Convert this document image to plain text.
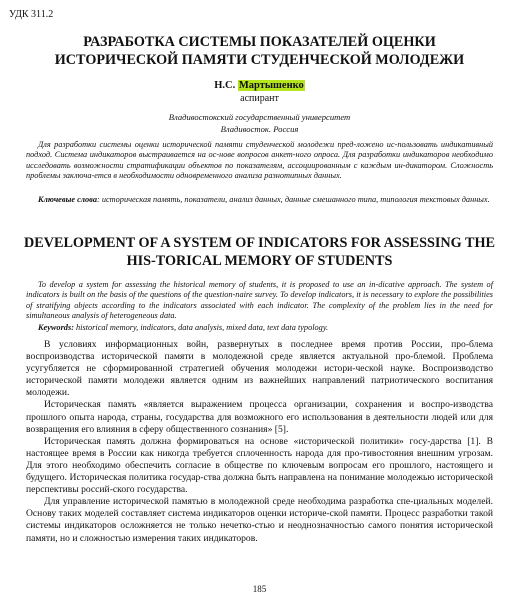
УДК 311.2
РАЗРАБОТКА СИСТЕМЫ ПОКАЗАТЕЛЕЙ ОЦЕНКИ ИСТОРИЧЕСКОЙ ПАМЯТИ СТУДЕНЧЕСКОЙ МОЛОДЕЖИ
Н.С. Мартышенко
аспирант
Владивостокский государственный университет
Владивосток. Россия
Для разработки системы оценки исторической памяти студенческой молодежи пред-ложено ис-пользовать индикативный подход. Система индикаторов выстраивается на ос-нове вопросов анкет-ного опроса. Для разработки индикаторов необходимо исследовать возможности стратификации объектов по показателям, ассоциированным с каждым ин-дикатором. Сложность проблемы заключа-ется в необходимости одновременного анализа разнотипных данных.
Ключевые слова: историческая память, показатели, анализ данных, данные смешанного типа, типология текстовых данных.
DEVELOPMENT OF A SYSTEM OF INDICATORS FOR ASSESSING THE HIS-TORICAL MEMORY OF STUDENTS
To develop a system for assessing the historical memory of students, it is proposed to use an in-dicative approach. The system of indicators is built on the basis of the questions of the question-naire survey. To develop indicators, it is necessary to explore the possibilities of stratifying objects according to the indicators associated with each indicator. The complexity of the problem lies in the need for simultaneous analysis of heterogeneous data.
Keywords: historical memory, indicators, data analysis, mixed data, text data typology.

В условиях информационных войн, развернутых в последнее время против России, про-блема воспроизводства исторической памяти в молодежной среде является актуальной про-блемой. Проблема усугубляется не сформированной стратегией обучения молодежи истори-ческой науке. Воспроизводство исторической памяти молодежи является одним из важнейших направлений патриотического воспитания молодежи.

Историческая память «является выражением процесса организации, сохранения и воспро-изводства прошлого опыта народа, страны, государства для возможного его использования в деятельности людей или для возвращения его влияния в сферу общественного сознания» [5].

Историческая память должна формироваться на основе «исторической политики» госу-дарства [1]. В настоящее время в России как никогда требуется сплоченность народа для про-тивостояния внешним угрозам. Для этого необходимо обеспечить согласие в обществе по ключевым вопросам его прошлого, настоящего и будущего. Историческая политика государ-ства должна быть направлена на понимание молодежью исторической перспективы россий-ского государства.

Для управление исторической памятью в молодежной среде необходима разработка спе-циальных моделей. Основу таких моделей составляет система индикаторов оценки историче-ской памяти. Процесс разработки такой системы индикаторов осложняется не только нечетко-стью и неоднозначностью самого понятия исторической памяти, но и сложностью измерения таких индикаторов.

185
